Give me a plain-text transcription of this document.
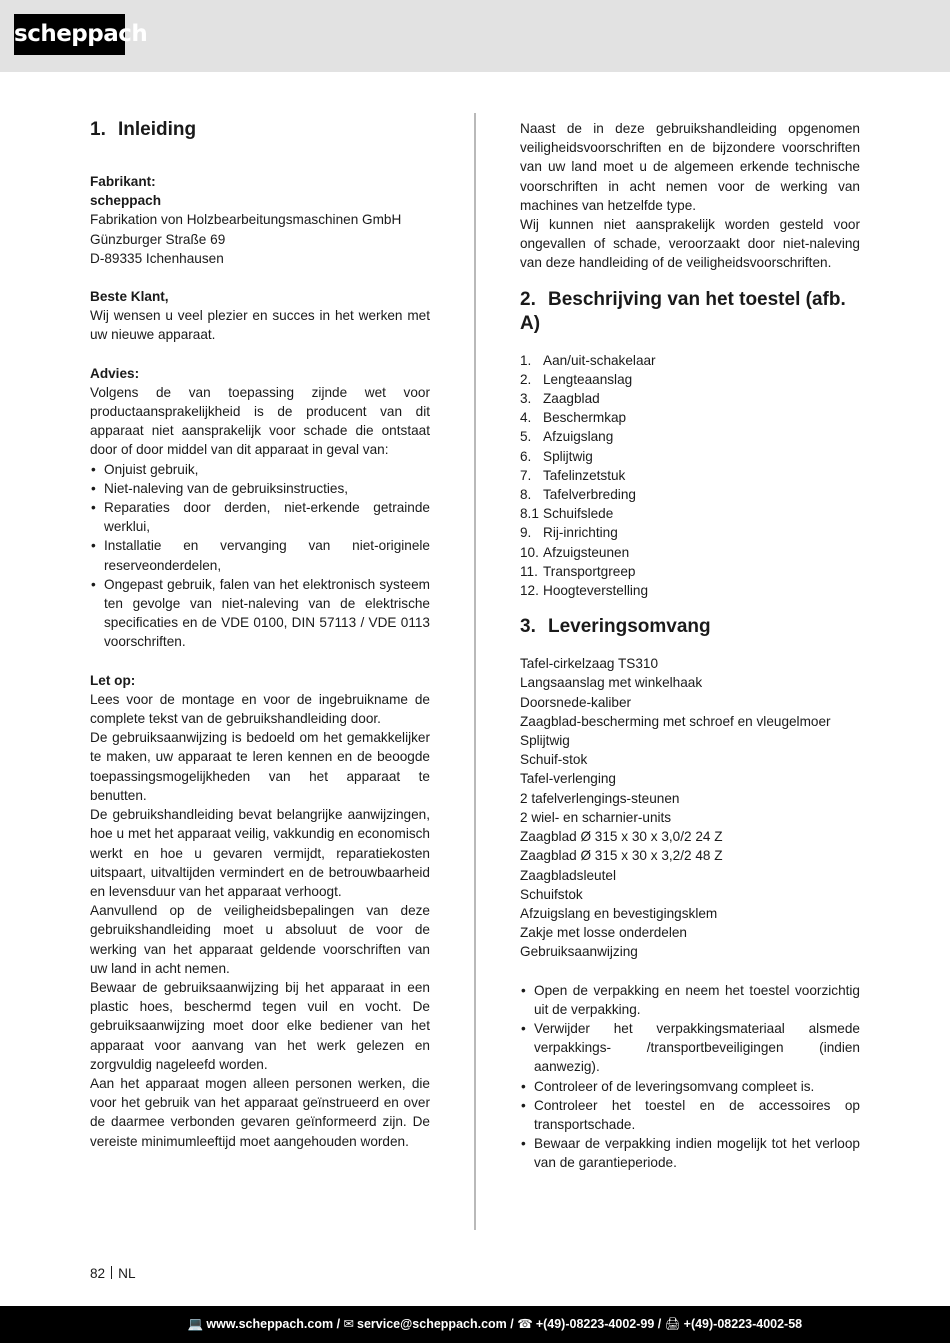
scheppach
1. Inleiding
Fabrikant:
scheppach
Fabrikation von Holzbearbeitungsmaschinen GmbH
Günzburger Straße 69
D-89335 Ichenhausen
Beste Klant,

Wij wensen u veel plezier en succes in het werken met uw nieuwe apparaat.

Advies:

Volgens de van toepassing zijnde wet voor productaansprakelijkheid is de producent van dit apparaat niet aansprakelijk voor schade die ontstaat door of door middel van dit apparaat in geval van:

• Onjuist gebruik,
• Niet-naleving van de gebruiksinstructies,
• Reparaties door derden, niet-erkende getrainde werklui,
• Installatie en vervanging van niet-originele reserveonderdelen,
• Ongepast gebruik, falen van het elektronisch systeem ten gevolge van niet-naleving van de elektrische specificaties en de VDE 0100, DIN 57113 / VDE 0113 voorschriften.
Let op:

Lees voor de montage en voor de ingebruikname de complete tekst van de gebruikshandleiding door.

De gebruiksaanwijzing is bedoeld om het gemakkelijker te maken, uw apparaat te leren kennen en de beoogde toepassingsmogelijkheden van het apparaat te benutten.

De gebruikshandleiding bevat belangrijke aanwijzingen, hoe u met het apparaat veilig, vakkundig en economisch werkt en hoe u gevaren vermijdt, reparatiekosten uitspaart, uitvaltijden vermindert en de betrouwbaarheid en levensduur van het apparaat verhoogt.

Aanvullend op de veiligheidsbepalingen van deze gebruikshandleiding moet u absoluut de voor de werking van het apparaat geldende voorschriften van uw land in acht nemen.

Bewaar de gebruiksaanwijzing bij het apparaat in een plastic hoes, beschermd tegen vuil en vocht. De gebruiksaanwijzing moet door elke bediener van het apparaat voor aanvang van het werk gelezen en zorgvuldig nageleefd worden.

Aan het apparaat mogen alleen personen werken, die voor het gebruik van het apparaat geïnstrueerd en over de daarmee verbonden gevaren geïnformeerd zijn. De vereiste minimumleeftijd moet aangehouden worden.

Naast de in deze gebruikshandleiding opgenomen veiligheidsvoorschriften en de bijzondere voorschriften van uw land moet u de algemeen erkende technische voorschriften in acht nemen voor de werking van machines van hetzelfde type.

Wij kunnen niet aansprakelijk worden gesteld voor ongevallen of schade, veroorzaakt door niet-naleving van deze handleiding of de veiligheidsvoorschriften.

2. Beschrijving van het toestel (afb. A)
1. Aan/uit-schakelaar
2. Lengteaanslag
3. Zaagblad
4. Beschermkap
5. Afzuigslang
6. Splijtwig
7. Tafelinzetstuk
8. Tafelverbreding
8.1 Schuifslede
9. Rij-inrichting
10. Afzuigsteunen
11. Transportgreep
12. Hoogteverstelling
3. Leveringsomvang
Tafel-cirkelzaag TS310
Langsaanslag met winkelhaak
Doorsnede-kaliber
Zaagblad-bescherming met schroef en vleugelmoer
Splijtwig
Schuif-stok
Tafel-verlenging
2 tafelverlengings-steunen
2 wiel- en scharnier-units
Zaagblad Ø 315 x 30 x 3,0/2 24 Z
Zaagblad Ø 315 x 30 x 3,2/2 48 Z
Zaagbladsleutel
Schuifstok
Afzuigslang en bevestigingsklem
Zakje met losse onderdelen
Gebruiksaanwijzing
• Open de verpakking en neem het toestel voorzichtig uit de verpakking.
• Verwijder het verpakkingsmateriaal alsmede verpakkings- /transportbeveiligingen (indien aanwezig).
• Controleer of de leveringsomvang compleet is.
• Controleer het toestel en de accessoires op transportschade.
• Bewaar de verpakking indien mogelijk tot het verloop van de garantieperiode.
82 NL
💻 www.scheppach.com / ✉ service@scheppach.com / ☎ +(49)-08223-4002-99 / 🖨 +(49)-08223-4002-58
